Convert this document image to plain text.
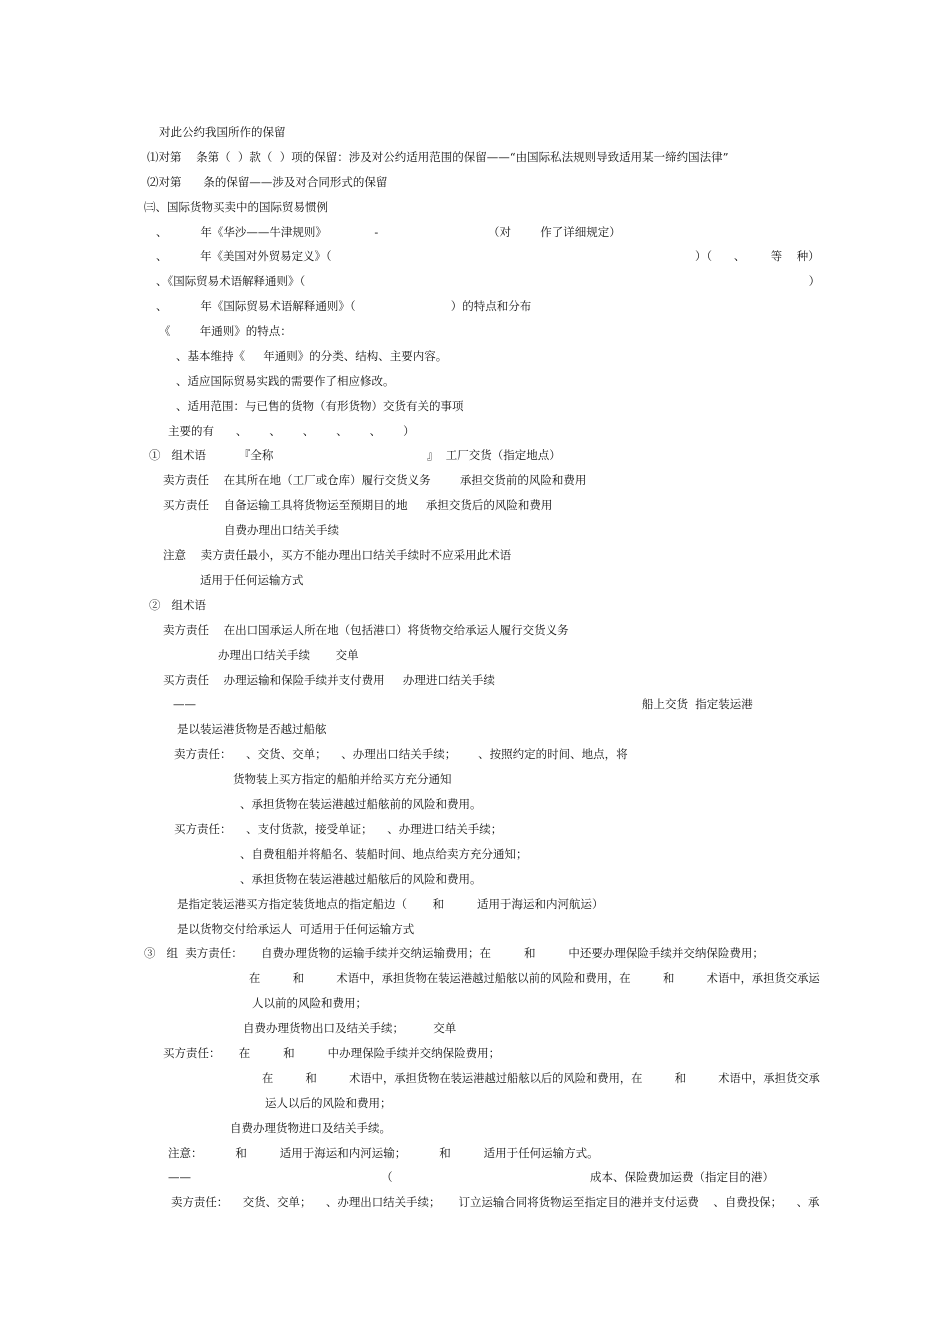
对此公约我国所作的保留
⑴对第    条第（  ）款（  ）项的保留：涉及对公约适用范围的保留——“由国际私法规则导致适用某一缔约国法律”
⑵对第      条的保留——涉及对合同形式的保留
㈢、国际货物买卖中的国际贸易惯例
、         年《华沙——牛津规则》             -                              （对        作了详细规定）
、         年《美国对外贸易定义》（                                                                                                    ）（      、       等    种）
、《国际贸易术语解释通则》（                                                                                                                                          ）
、         年《国际贸易术语解释通则》（                          ）的特点和分布
《        年通则》的特点：
、基本维持《     年通则》的分类、结构、主要内容。
、适应国际贸易实践的需要作了相应修改。
、适用范围：与已售的货物（有形货物）交货有关的事项
主要的有      、      、      、      、      、      ）
①   组术语         『全称                                          』  工厂交货（指定地点）
卖方责任    在其所在地（工厂或仓库）履行交货义务        承担交货前的风险和费用
买方责任    自备运输工具将货物运至预期目的地     承担交货后的风险和费用
自费办理出口结关手续
注意    卖方责任最小，买方不能办理出口结关手续时不应采用此术语
适用于任何运输方式
②   组术语
卖方责任    在出口国承运人所在地（包括港口）将货物交给承运人履行交货义务
办理出口结关手续       交单
买方责任    办理运输和保险手续并支付费用     办理进口结关手续
——                                                                                                                          船上交货  指定装运港
是以装运港货物是否越过船舷
卖方责任：    、交货、交单；    、办理出口结关手续；      、按照约定的时间、地点，将
货物装上买方指定的船舶并给买方充分通知
、承担货物在装运港越过船舷前的风险和费用。
买方责任：    、支付货款，接受单证；    、办理进口结关手续；
、自费租船并将船名、装船时间、地点给卖方充分通知；
、承担货物在装运港越过船舷后的风险和费用。
是指定装运港买方指定装货地点的指定船边（       和         适用于海运和内河航运）
是以货物交付给承运人  可适用于任何运输方式
③   组  卖方责任：     自费办理货物的运输手续并交纳运输费用；在         和         中还要办理保险手续并交纳保险费用；
在         和         术语中，承担货物在装运港越过船舷以前的风险和费用，在         和         术语中，承担货交承运
人以前的风险和费用；
自费办理货物出口及结关手续；        交单
买方责任：     在         和         中办理保险手续并交纳保险费用；
在         和         术语中，承担货物在装运港越过船舷以后的风险和费用，在         和         术语中，承担货交承
运人以后的风险和费用；
自费办理货物进口及结关手续。
注意：         和         适用于海运和内河运输；         和         适用于任何运输方式。
——                                                    （                                                      成本、保险费加运费（指定目的港）
卖方责任：    交货、交单；    、办理出口结关手续；     订立运输合同将货物运至指定目的港并支付运费    、自费投保；    、承
